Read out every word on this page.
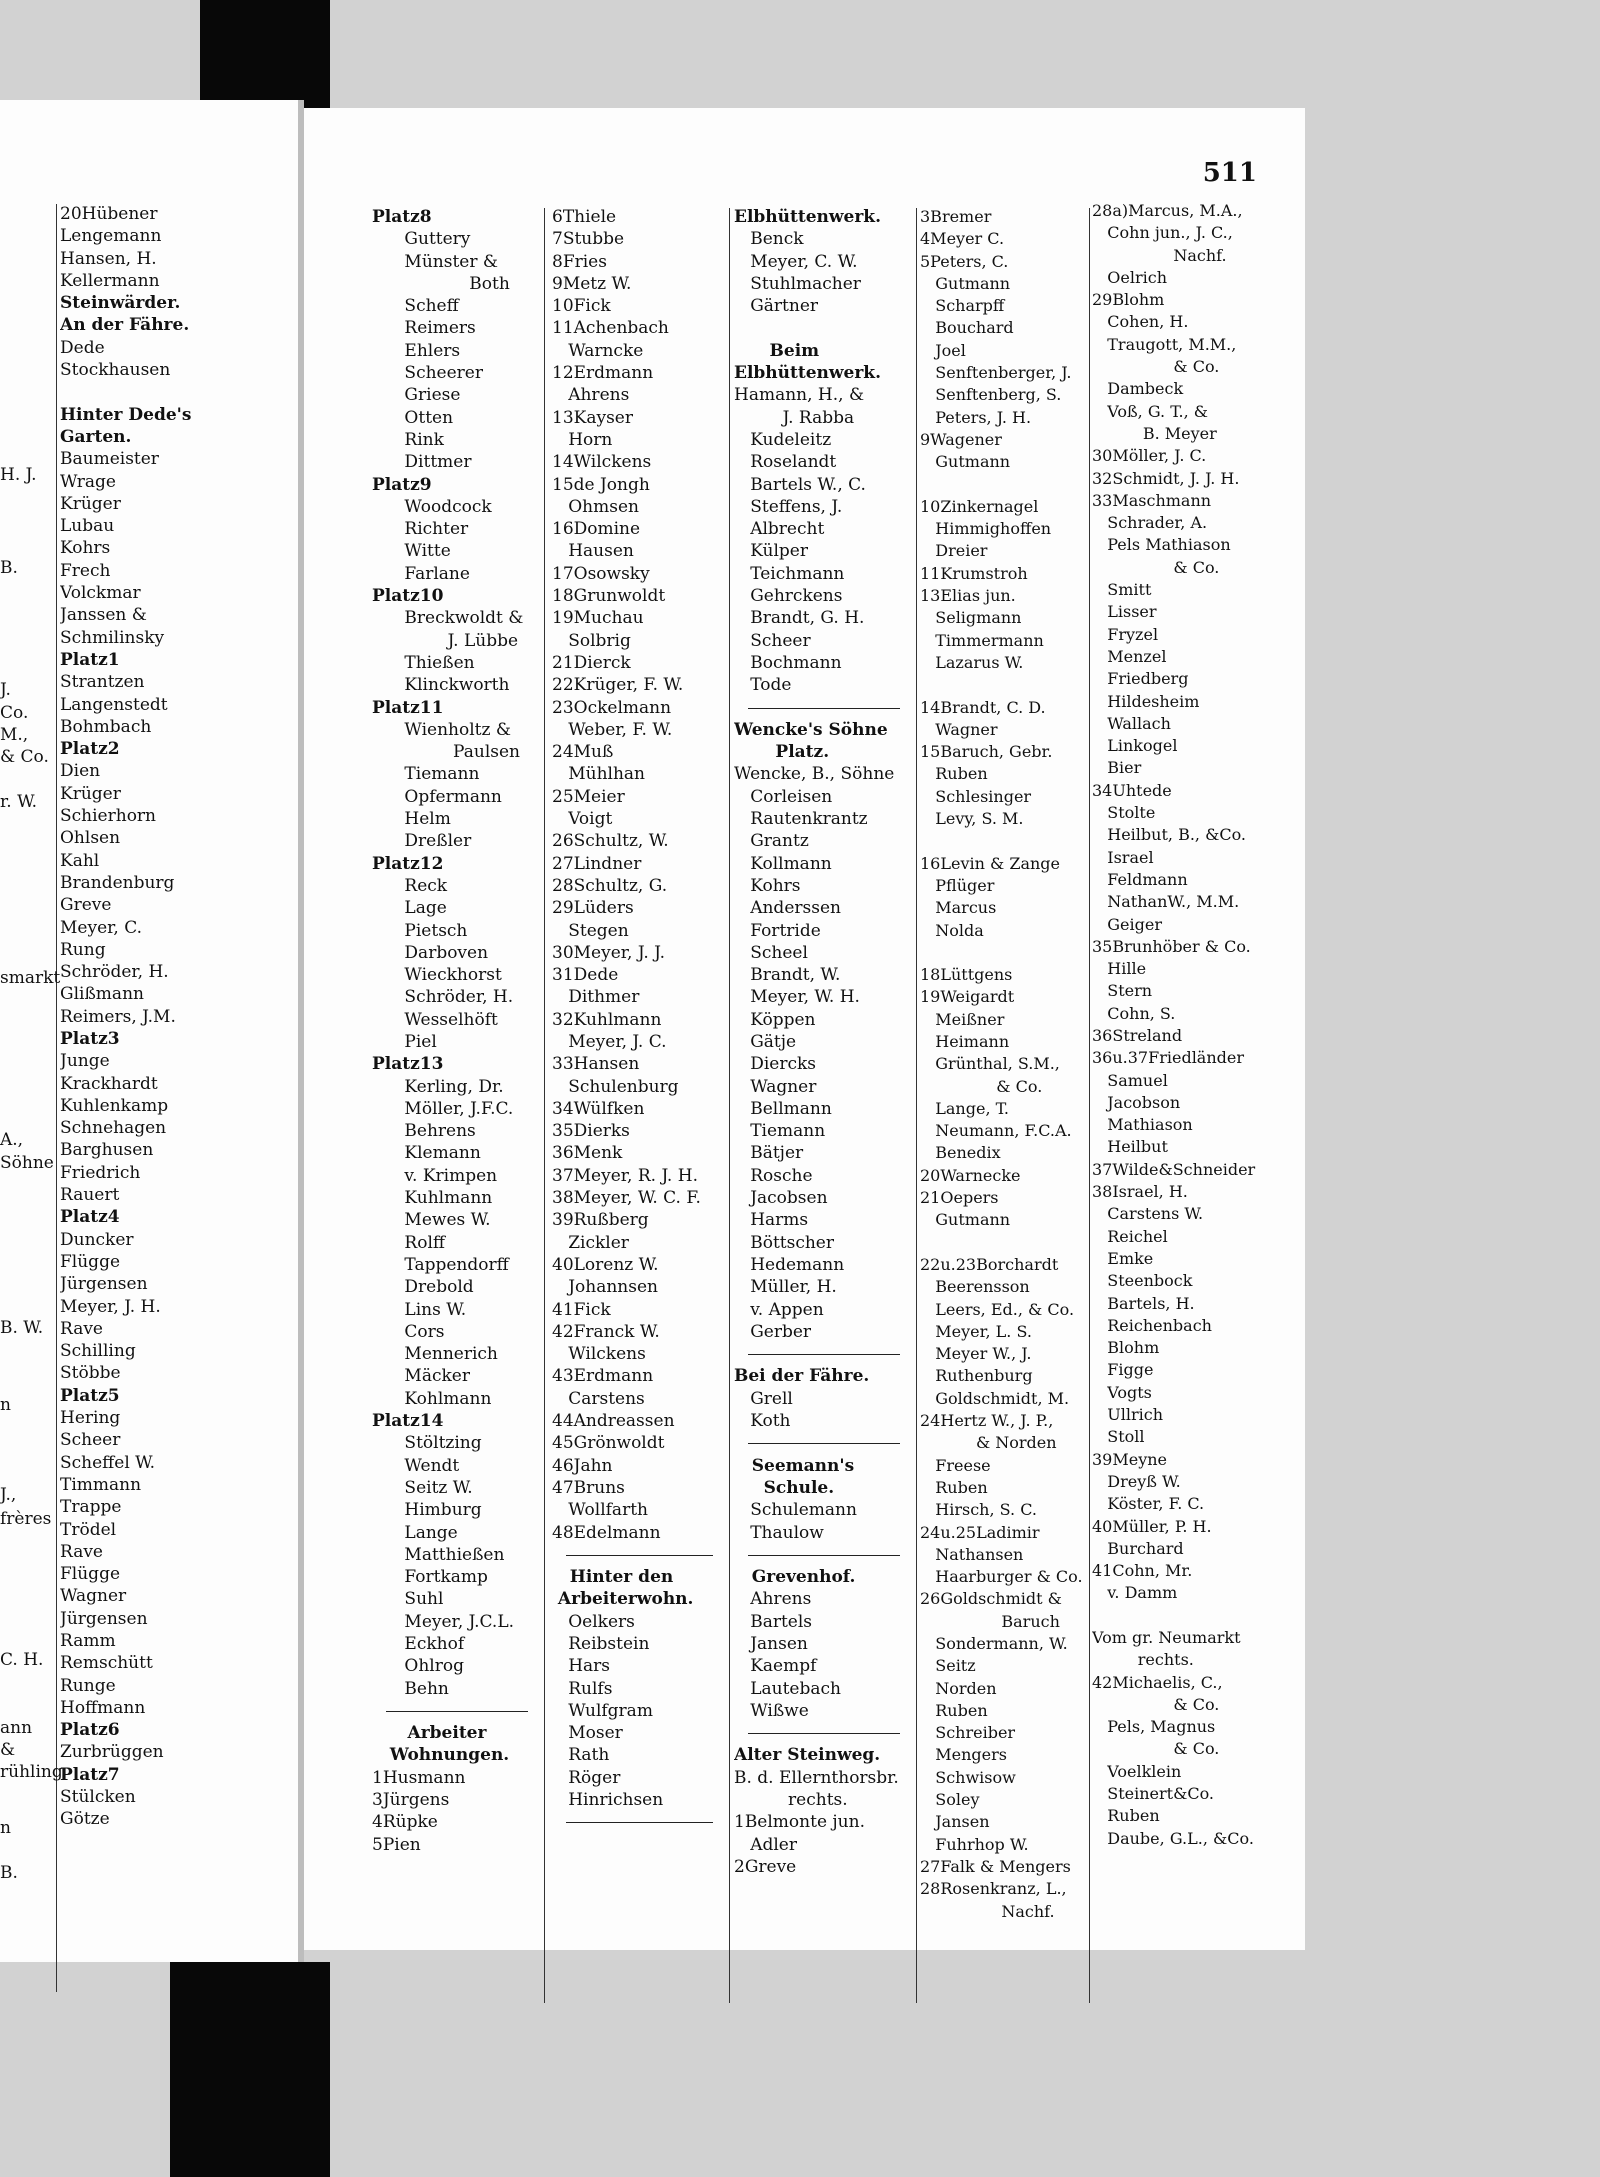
20Hübener
Lengemann
Hansen, H.
Kellermann
Steinwärder.
An der Fähre.
Dede
Stockhausen
Hinter Dede's
Garten.
Baumeister
Wrage
Krüger
Lubau
Kohrs
Frech
Volckmar
Janssen &
Schmilinsky
Platz1
Strantzen
Langenstedt
Bohmbach
Platz2
Dien
Krüger
Schierhorn
Ohlsen
Kahl
Brandenburg
Greve
Meyer, C.
Rung
Schröder, H.
Glißmann
Reimers, J.M.
Platz3
Junge
Krackhardt
Kuhlenkamp
Schnehagen
Barghusen
Friedrich
Rauert
Platz4
Duncker
Flügge
Jürgensen
Meyer, J. H.
Rave
Schilling
Stöbbe
Platz5
Hering
Scheer
Scheffel W.
Timmann
Trappe
Trödel
Rave
Flügge
Wagner
Jürgensen
Ramm
Remschütt
Runge
Hoffmann
Platz6
Zurbrüggen
Platz7
Stülcken
Götze
H. J.
B.
J.
Co.
M.,
& Co.
r. W.
smarkt
A.,
Söhne
B. W.
n
J.,
frères
C. H.
ann
&
rühling
n
B.
511
Platz8
Guttery
Münster &
Both
Scheff
Reimers
Ehlers
Scheerer
Griese
Otten
Rink
Dittmer
Platz9
Woodcock
Richter
Witte
Farlane
Platz10
Breckwoldt &
J. Lübbe
Thießen
Klinckworth
Platz11
Wienholtz &
Paulsen
Tiemann
Opfermann
Helm
Dreßler
Platz12
Reck
Lage
Pietsch
Darboven
Wieckhorst
Schröder, H.
Wesselhöft
Piel
Platz13
Kerling, Dr.
Möller, J.F.C.
Behrens
Klemann
v. Krimpen
Kuhlmann
Mewes W.
Rolff
Tappendorff
Drebold
Lins W.
Cors
Mennerich
Mäcker
Kohlmann
Platz14
Stöltzing
Wendt
Seitz W.
Himburg
Lange
Matthießen
Fortkamp
Suhl
Meyer, J.C.L.
Eckhof
Ohlrog
Behn
Arbeiter
Wohnungen.
1Husmann
3Jürgens
4Rüpke
5Pien
6Thiele
7Stubbe
8Fries
9Metz W.
10Fick
11Achenbach
Warncke
12Erdmann
Ahrens
13Kayser
Horn
14Wilckens
15de Jongh
Ohmsen
16Domine
Hausen
17Osowsky
18Grunwoldt
19Muchau
Solbrig
21Dierck
22Krüger, F. W.
23Ockelmann
Weber, F. W.
24Muß
Mühlhan
25Meier
Voigt
26Schultz, W.
27Lindner
28Schultz, G.
29Lüders
Stegen
30Meyer, J. J.
31Dede
Dithmer
32Kuhlmann
Meyer, J. C.
33Hansen
Schulenburg
34Wülfken
35Dierks
36Menk
37Meyer, R. J. H.
38Meyer, W. C. F.
39Rußberg
Zickler
40Lorenz W.
Johannsen
41Fick
42Franck W.
Wilckens
43Erdmann
Carstens
44Andreassen
45Grönwoldt
46Jahn
47Bruns
Wollfarth
48Edelmann
Hinter den
Arbeiterwohn.
Oelkers
Reibstein
Hars
Rulfs
Wulfgram
Moser
Rath
Röger
Hinrichsen
Elbhüttenwerk.
Benck
Meyer, C. W.
Stuhlmacher
Gärtner
Beim
Elbhüttenwerk.
Hamann, H., &
J. Rabba
Kudeleitz
Roselandt
Bartels W., C.
Steffens, J.
Albrecht
Külper
Teichmann
Gehrckens
Brandt, G. H.
Scheer
Bochmann
Tode
Wencke's Söhne
Platz.
Wencke, B., Söhne
Corleisen
Rautenkrantz
Grantz
Kollmann
Kohrs
Anderssen
Fortride
Scheel
Brandt, W.
Meyer, W. H.
Köppen
Gätje
Diercks
Wagner
Bellmann
Tiemann
Bätjer
Rosche
Jacobsen
Harms
Böttscher
Hedemann
Müller, H.
v. Appen
Gerber
Bei der Fähre.
Grell
Koth
Seemann's
Schule.
Schulemann
Thaulow
Grevenhof.
Ahrens
Bartels
Jansen
Kaempf
Lautebach
Wißwe
Alter Steinweg.
B. d. Ellernthorsbr.
rechts.
1Belmonte jun.
Adler
2Greve
3Bremer
4Meyer C.
5Peters, C.
Gutmann
Scharpff
Bouchard
Joel
Senftenberger, J.
Senftenberg, S.
Peters, J. H.
9Wagener
Gutmann
10Zinkernagel
Himmighoffen
Dreier
11Krumstroh
13Elias jun.
Seligmann
Timmermann
Lazarus W.
14Brandt, C. D.
Wagner
15Baruch, Gebr.
Ruben
Schlesinger
Levy, S. M.
16Levin & Zange
Pflüger
Marcus
Nolda
18Lüttgens
19Weigardt
Meißner
Heimann
Grünthal, S.M.,
& Co.
Lange, T.
Neumann, F.C.A.
Benedix
20Warnecke
21Oepers
Gutmann
22u.23Borchardt
Beerensson
Leers, Ed., & Co.
Meyer, L. S.
Meyer W., J.
Ruthenburg
Goldschmidt, M.
24Hertz W., J. P.,
& Norden
Freese
Ruben
Hirsch, S. C.
24u.25Ladimir
Nathansen
Haarburger & Co.
26Goldschmidt &
Baruch
Sondermann, W.
Seitz
Norden
Ruben
Schreiber
Mengers
Schwisow
Soley
Jansen
Fuhrhop W.
27Falk & Mengers
28Rosenkranz, L.,
Nachf.
28a)Marcus, M.A.,
Cohn jun., J. C.,
Nachf.
Oelrich
29Blohm
Cohen, H.
Traugott, M.M.,
& Co.
Dambeck
Voß, G. T., &
B. Meyer
30Möller, J. C.
32Schmidt, J. J. H.
33Maschmann
Schrader, A.
Pels Mathiason
& Co.
Smitt
Lisser
Fryzel
Menzel
Friedberg
Hildesheim
Wallach
Linkogel
Bier
34Uhtede
Stolte
Heilbut, B., &Co.
Israel
Feldmann
NathanW., M.M.
Geiger
35Brunhöber & Co.
Hille
Stern
Cohn, S.
36Streland
36u.37Friedländer
Samuel
Jacobson
Mathiason
Heilbut
37Wilde&Schneider
38Israel, H.
Carstens W.
Reichel
Emke
Steenbock
Bartels, H.
Reichenbach
Blohm
Figge
Vogts
Ullrich
Stoll
39Meyne
Dreyß W.
Köster, F. C.
40Müller, P. H.
Burchard
41Cohn, Mr.
v. Damm
Vom gr. Neumarkt
rechts.
42Michaelis, C.,
& Co.
Pels, Magnus
& Co.
Voelklein
Steinert&Co.
Ruben
Daube, G.L., &Co.
